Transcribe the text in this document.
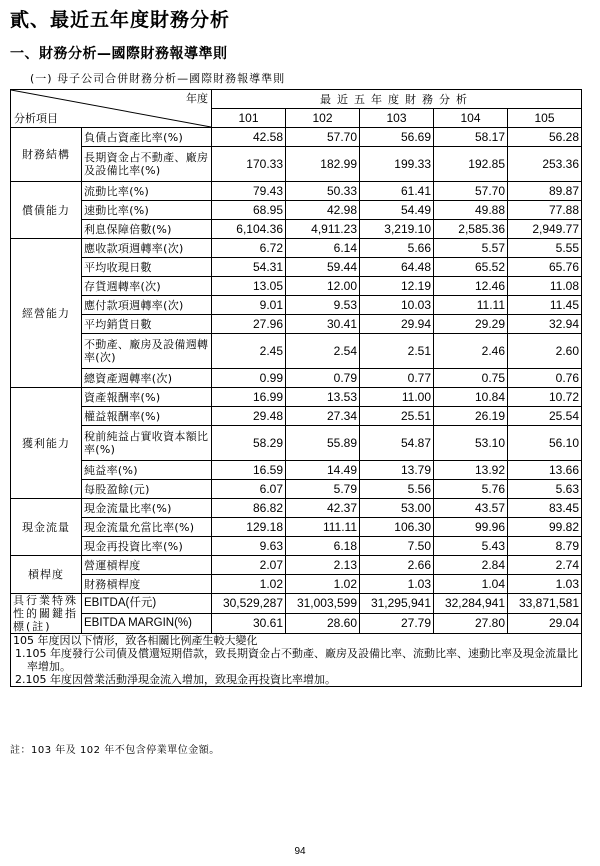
貳、最近五年度財務分析
一、財務分析—國際財務報導準則
(一) 母子公司合併財務分析—國際財務報導準則
年度
分析項目		最近五年度財務分析				
		101	102	103	104	105
財務結構	負債占資產比率(%)	42.58	57.70	56.69	58.17	56.28
	長期資金占不動產、廠房及設備比率(%)	170.33	182.99	199.33	192.85	253.36
償債能力	流動比率(%)	79.43	50.33	61.41	57.70	89.87
	速動比率(%)	68.95	42.98	54.49	49.88	77.88
	利息保障倍數(%)	6,104.36	4,911.23	3,219.10	2,585.36	2,949.77
經營能力	應收款項週轉率(次)	6.72	6.14	5.66	5.57	5.55
	平均收現日數	54.31	59.44	64.48	65.52	65.76
	存貨週轉率(次)	13.05	12.00	12.19	12.46	11.08
	應付款項週轉率(次)	9.01	9.53	10.03	11.11	11.45
	平均銷貨日數	27.96	30.41	29.94	29.29	32.94
	不動產、廠房及設備週轉率(次)	2.45	2.54	2.51	2.46	2.60
	總資產週轉率(次)	0.99	0.79	0.77	0.75	0.76
獲利能力	資產報酬率(%)	16.99	13.53	11.00	10.84	10.72
	權益報酬率(%)	29.48	27.34	25.51	26.19	25.54
	稅前純益占實收資本額比率(%)	58.29	55.89	54.87	53.10	56.10
	純益率(%)	16.59	14.49	13.79	13.92	13.66
	每股盈餘(元)	6.07	5.79	5.56	5.76	5.63
現金流量	現金流量比率(%)	86.82	42.37	53.00	43.57	83.45
	現金流量允當比率(%)	129.18	111.11	106.30	99.96	99.82
	現金再投資比率(%)	9.63	6.18	7.50	5.43	8.79
槓桿度	營運槓桿度	2.07	2.13	2.66	2.84	2.74
	財務槓桿度	1.02	1.02	1.03	1.04	1.03
具行業特殊性的關鍵指標(註)	EBITDA(仟元)	30,529,287	31,003,599	31,295,941	32,284,941	33,871,581
	EBITDA MARGIN(%)	30.61	28.60	27.79	27.80	29.04

105 年度因以下情形，致各相關比例產生較大變化
1.105 年度發行公司債及償還短期借款，致長期資金占不動產、廠房及設備比率、流動比率、速動比率及現金流量比率增加。
2.105 年度因營業活動淨現金流入增加，致現金再投資比率增加。						
註：103 年及 102 年不包含停業單位金額。
94
